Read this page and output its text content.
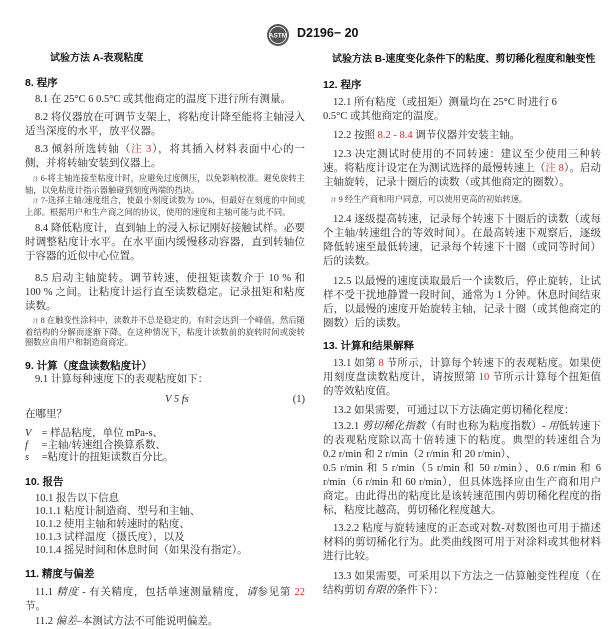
ASTM D2196− 20
试验方法 A-表观粘度
8. 程序
8.1 在 25°C 6 0.5°C 或其他商定的温度下进行所有测量。
8.2 将仪器放在可调节支架上，将粘度计降至能将主轴浸入适当深度的水平，放平仪器。
8.3 倾斜所选转轴（注 3），将其插入材料表面中心的一侧，并将转轴安装到仪器上。
注 6-将主轴连接至粘度计时，应避免过度侧压，以免影响校准。避免旋转主轴，以免粘度计指示器触碰到刻度两端的挡块。
注 7-选择主轴/速度组合，使最小刻度读数为 10%，但最好在刻度的中间或上部。根据用户和生产商之间的协议，使用的速度和主轴可能与此不同。
8.4 降低粘度计，直到轴上的浸入标记刚好接触试样。必要时调整粘度计水平。在水平面内缓慢移动容器，直到转轴位于容器的近似中心位置。
8.5 启动主轴旋转。调节转速，使扭矩读数介于 10 % 和 100 % 之间。让粘度计运行直至读数稳定。记录扭矩和粘度读数。
注 8 在触变性涂料中，读数并不总是稳定的。有时会达到一个峰值，然后随着结构的分解而逐渐下降。在这种情况下，粘度计读数前的旋转时间或旋转圈数应由用户和制造商商定。
9. 计算（度盘读数粘度计）
9.1 计算每种速度下的表观粘度如下：
V 5 fs	(1)
在哪里？
V = 样品粘度，单位 mPa-s、
f =主轴/转速组合换算系数、
s =粘度计的扭矩读数百分比。
10. 报告
10.1 报告以下信息
10.1.1 粘度计制造商、型号和主轴、
10.1.2 使用主轴和转速时的粘度、
10.1.3 试样温度（摄氏度），以及
10.1.4 摇晃时间和休息时间（如果没有指定）。
11. 精度与偏差
11.1 精度 - 有关精度，包括单速测量精度，请参见第 22 节。
11.2 偏差–本测试方法不可能说明偏差。
试验方法 B-速度变化条件下的粘度、剪切稀化程度和触变性
12. 程序
12.1 所有粘度（或扭矩）测量均在 25°C 时进行 6
0.5°C 或其他商定的温度。
12.2 按照 8.2 - 8.4 调节仪器并安装主轴。
12.3 决定测试时使用的不同转速：建议至少使用三种转速。将粘度计设定在为测试选择的最慢转速上（注 8）。启动主轴旋转，记录十圈后的读数（或其他商定的圈数）。
注 9 经生产商和用户同意，可以使用更高的初始转速。
12.4 逐级提高转速，记录每个转速下十圈后的读数（或每个主轴/转速组合的等效时间）。在最高转速下观察后，逐级降低转速至最低转速，记录每个转速下十圈（或同等时间）后的读数。
12.5 以最慢的速度读取最后一个读数后，停止旋转，让试样不受干扰地静置一段时间，通常为 1 分钟。休息时间结束后，以最慢的速度开始旋转主轴，记录十圈（或其他商定的圈数）后的读数。
13. 计算和结果解释
13.1 如第 8 节所示，计算每个转速下的表观粘度。如果使用刻度盘读数粘度计，请按照第 10 节所示计算每个扭矩值的等效粘度值。
13.2 如果需要，可通过以下方法确定剪切稀化程度：
13.2.1 剪切稀化指数（有时也称为粘度指数）- 用低转速下的表观粘度除以高十倍转速下的粘度。典型的转速组合为 0.2 r/min 和 2 r/min（2 r/min 和 20 r/min）、
0.5 r/min 和 5 r/min（5 r/min 和 50 r/min）、0.6 r/min 和 6 r/min（6 r/min 和 60 r/min），但具体选择应由生产商和用户商定。由此得出的粘度比是该转速范围内剪切稀化程度的指标，粘度比越高，剪切稀化程度越大。
13.2.2 粘度与旋转速度的正态或对数-对数图也可用于描述材料的剪切稀化行为。此类曲线图可用于对涂料或其他材料进行比较。
13.3 如果需要，可采用以下方法之一估算触变性程度（在结构剪切有限的条件下）：
